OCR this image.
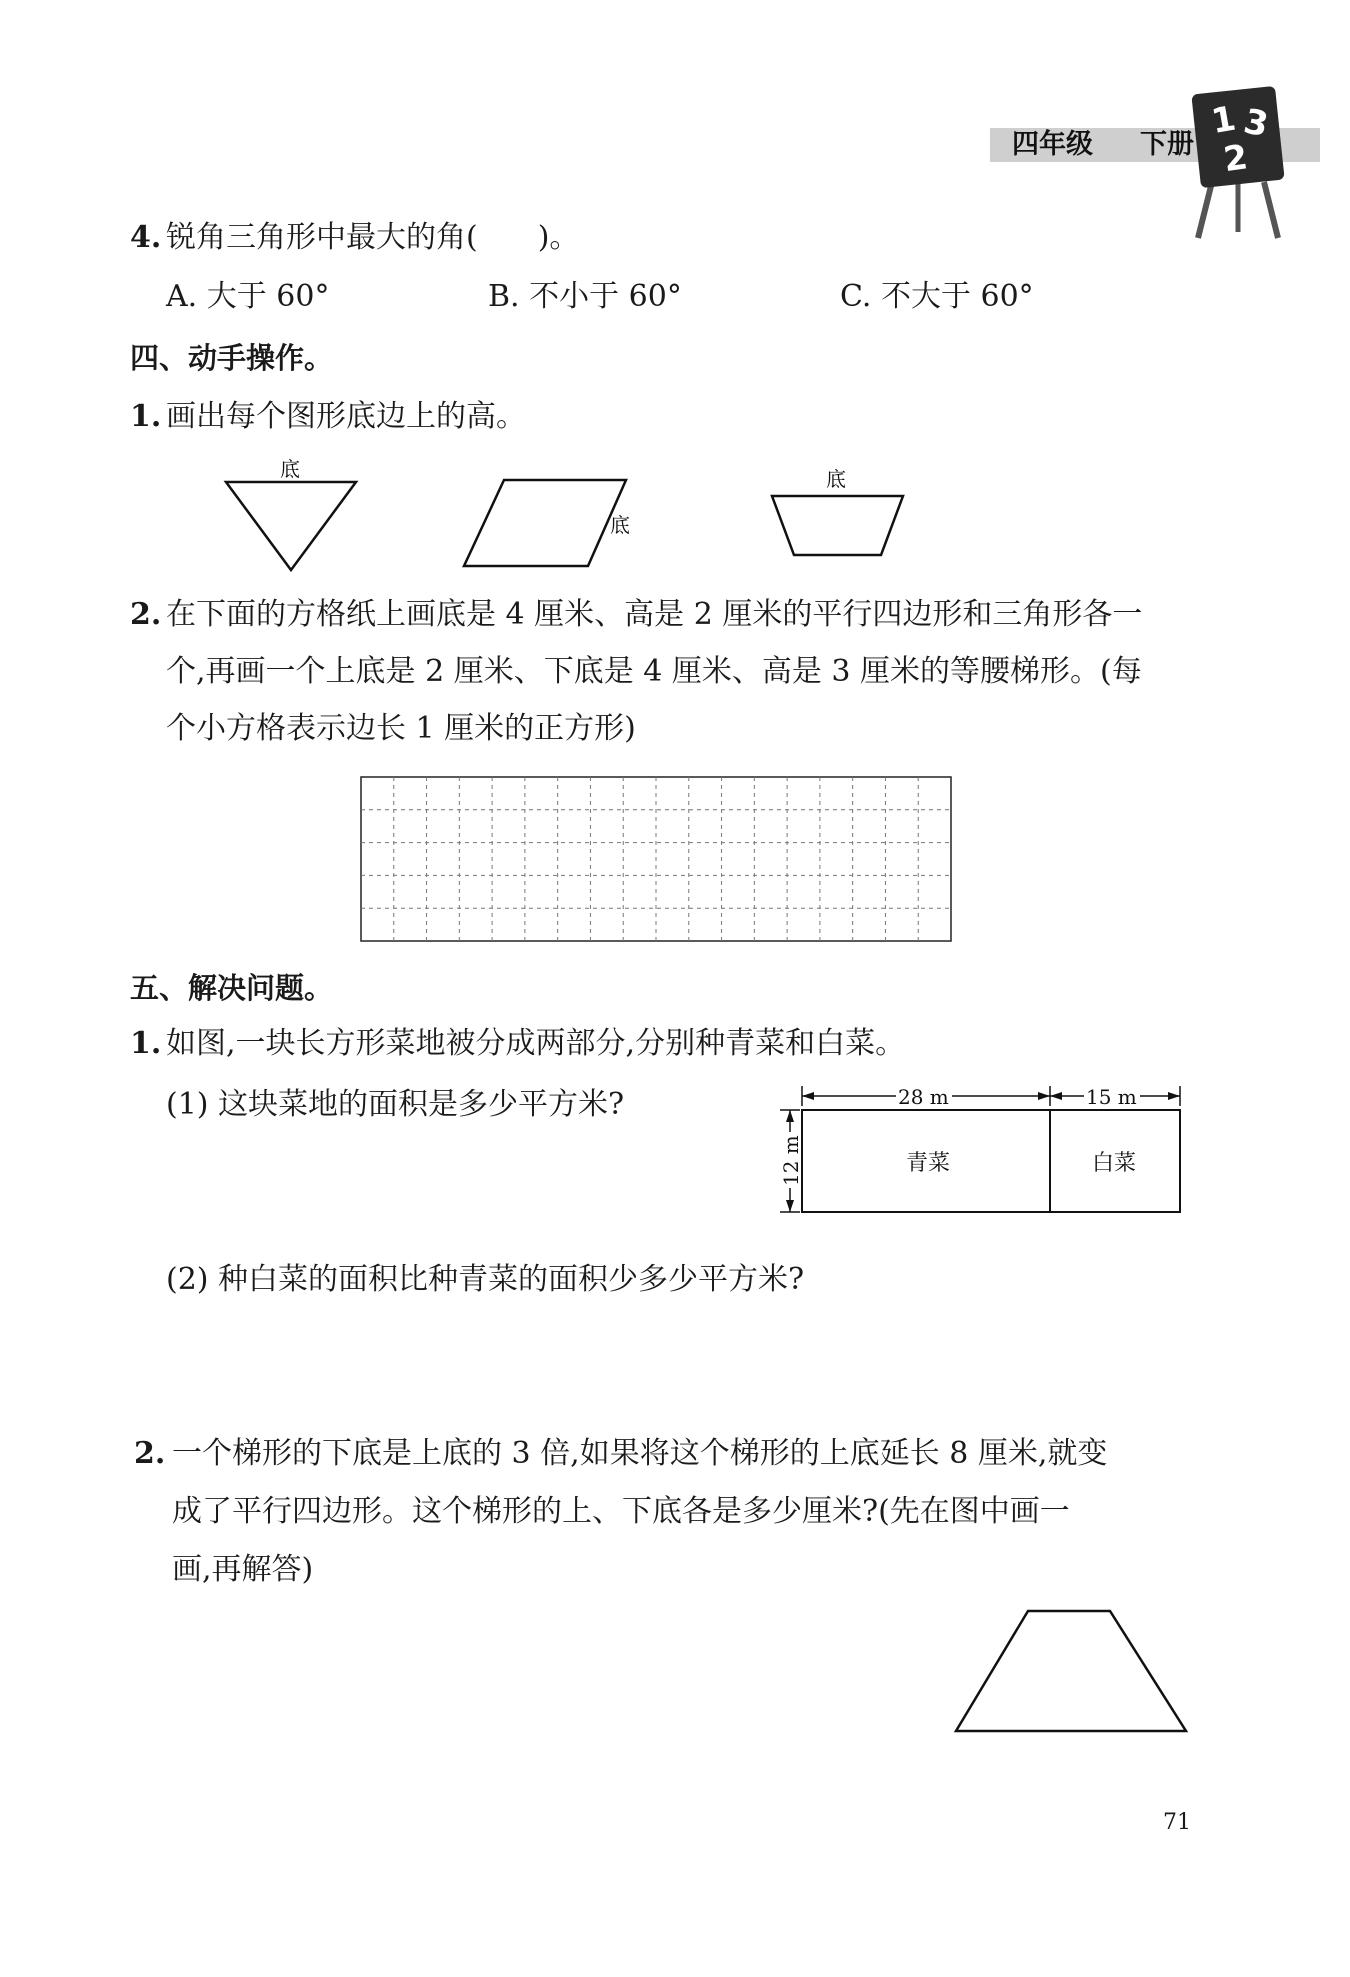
四年级 下册
1 3
2
4. 锐角三角形中最大的角(　　)。
A. 大于 60°	B. 不小于 60°	C. 不大于 60°
四、动手操作。
1. 画出每个图形底边上的高。
底
底
底
2. 在下面的方格纸上画底是 4 厘米、高是 2 厘米的平行四边形和三角形各一
个,再画一个上底是 2 厘米、下底是 4 厘米、高是 3 厘米的等腰梯形。(每
个小方格表示边长 1 厘米的正方形)
五、解决问题。
1. 如图,一块长方形菜地被分成两部分,分别种青菜和白菜。
(1) 这块菜地的面积是多少平方米?	28 m	15 m
12 m	青菜	白菜
(2) 种白菜的面积比种青菜的面积少多少平方米?
2. 一个梯形的下底是上底的 3 倍,如果将这个梯形的上底延长 8 厘米,就变
成了平行四边形。这个梯形的上、下底各是多少厘米?(先在图中画一
画,再解答)
71
